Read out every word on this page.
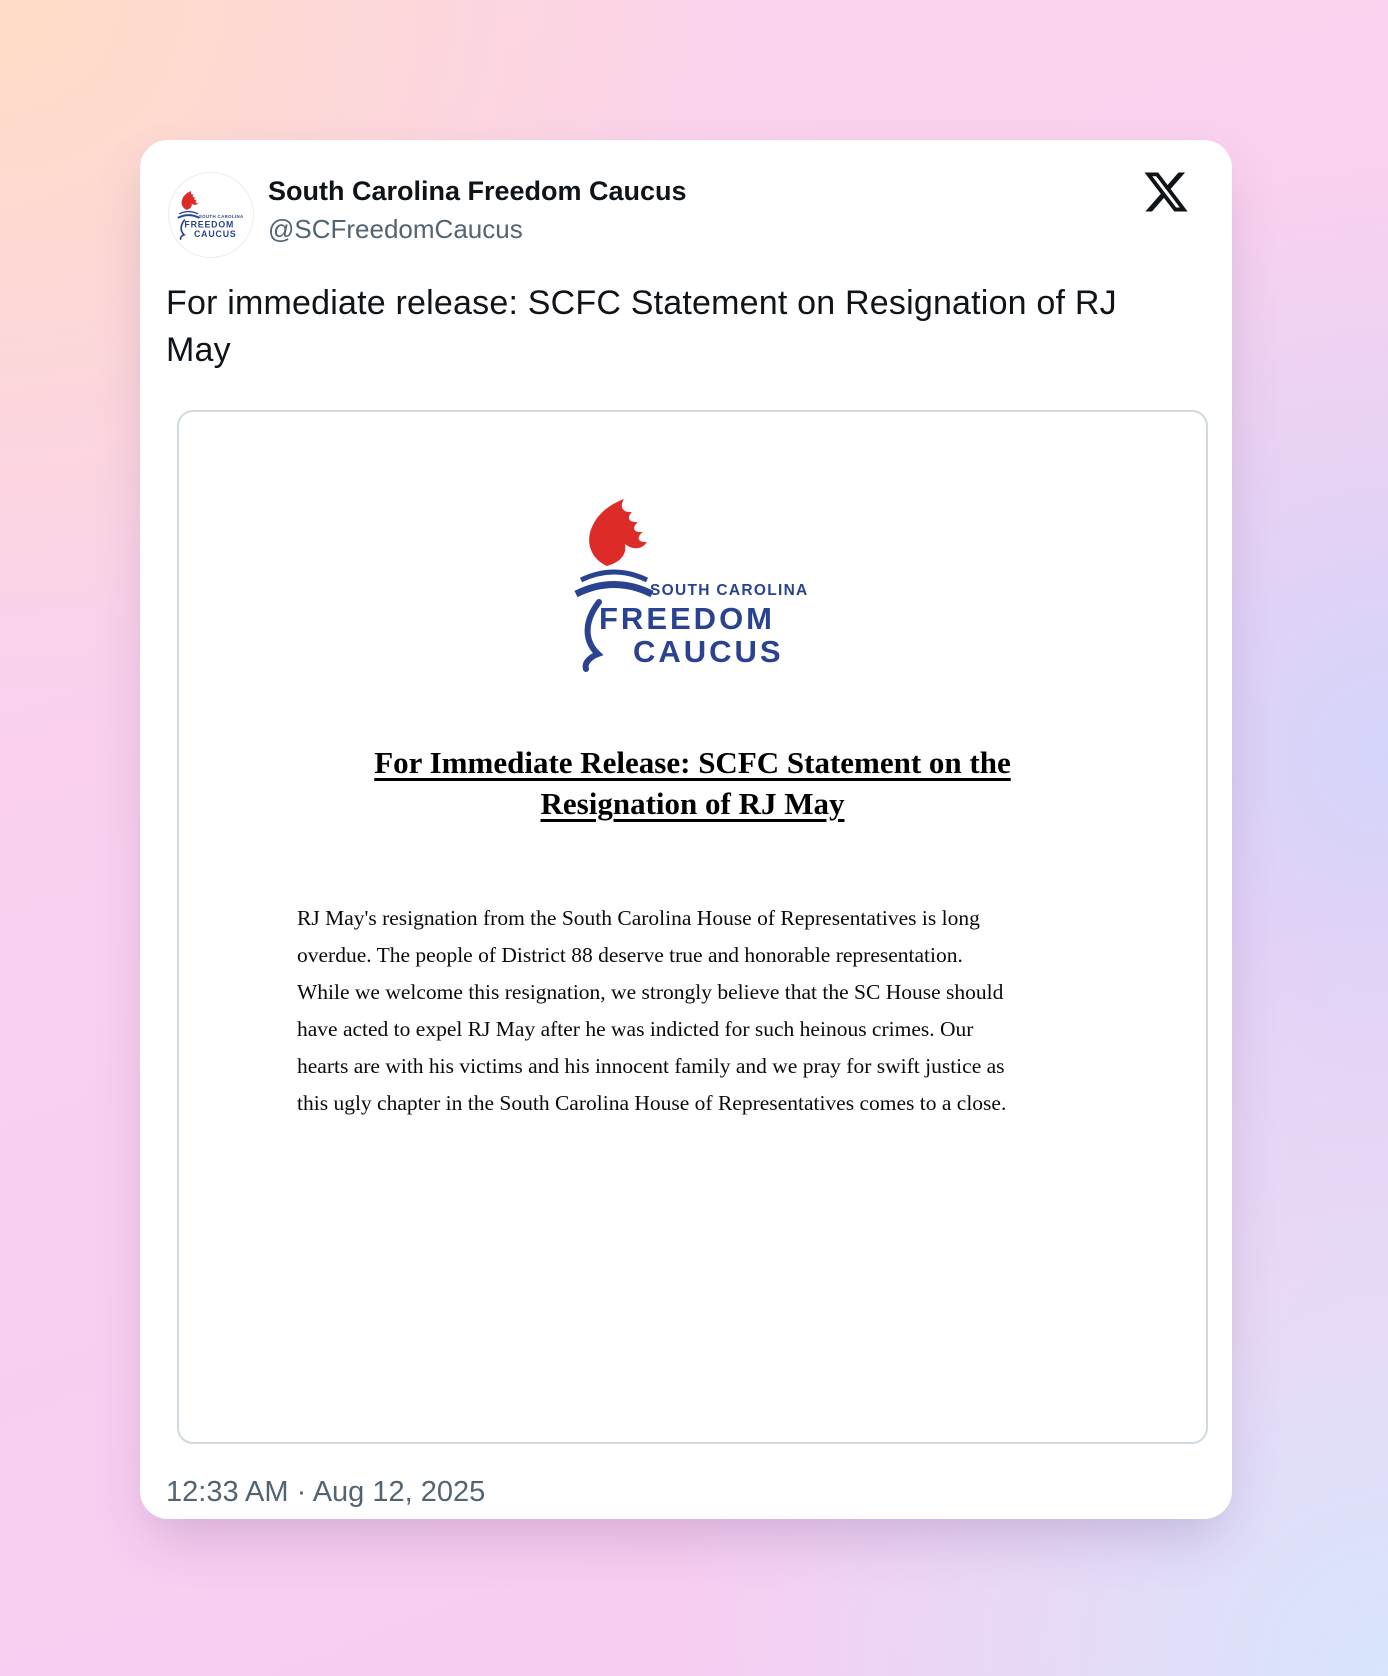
South Carolina Freedom Caucus
@SCFreedomCaucus
For immediate release: SCFC Statement on Resignation of RJ May
For Immediate Release: SCFC Statement on the
Resignation of RJ May
RJ May's resignation from the South Carolina House of Representatives is long
overdue. The people of District 88 deserve true and honorable representation.
While we welcome this resignation, we strongly believe that the SC House should
have acted to expel RJ May after he was indicted for such heinous crimes. Our
hearts are with his victims and his innocent family and we pray for swift justice as
this ugly chapter in the South Carolina House of Representatives comes to a close.
12:33 AM · Aug 12, 2025
